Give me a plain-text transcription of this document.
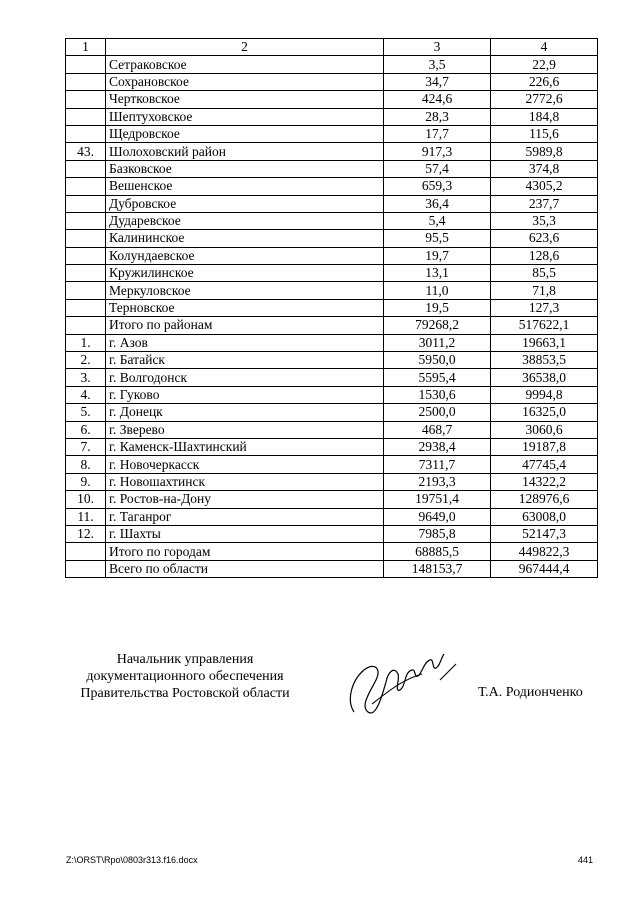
1	2	3	4
	Сетраковское	3,5	22,9
	Сохрановское	34,7	226,6
	Чертковское	424,6	2772,6
	Шептуховское	28,3	184,8
	Щедровское	17,7	115,6
43.	Шолоховский район	917,3	5989,8
	Базковское	57,4	374,8
	Вешенское	659,3	4305,2
	Дубровское	36,4	237,7
	Дударевское	5,4	35,3
	Калининское	95,5	623,6
	Колундаевское	19,7	128,6
	Кружилинское	13,1	85,5
	Меркуловское	11,0	71,8
	Терновское	19,5	127,3
	Итого по районам	79268,2	517622,1
1.	г. Азов	3011,2	19663,1
2.	г. Батайск	5950,0	38853,5
3.	г. Волгодонск	5595,4	36538,0
4.	г. Гуково	1530,6	9994,8
5.	г. Донецк	2500,0	16325,0
6.	г. Зверево	468,7	3060,6
7.	г. Каменск-Шахтинский	2938,4	19187,8
8.	г. Новочеркасск	7311,7	47745,4
9.	г. Новошахтинск	2193,3	14322,2
10.	г. Ростов-на-Дону	19751,4	128976,6
11.	г. Таганрог	9649,0	63008,0
12.	г. Шахты	7985,8	52147,3
	Итого по городам	68885,5	449822,3
	Всего по области	148153,7	967444,4
Начальник управления
документационного обеспечения
Правительства Ростовской области	Т.А. Родионченко
Z:\ORST\Rpo\0803r313.f16.docx	441
